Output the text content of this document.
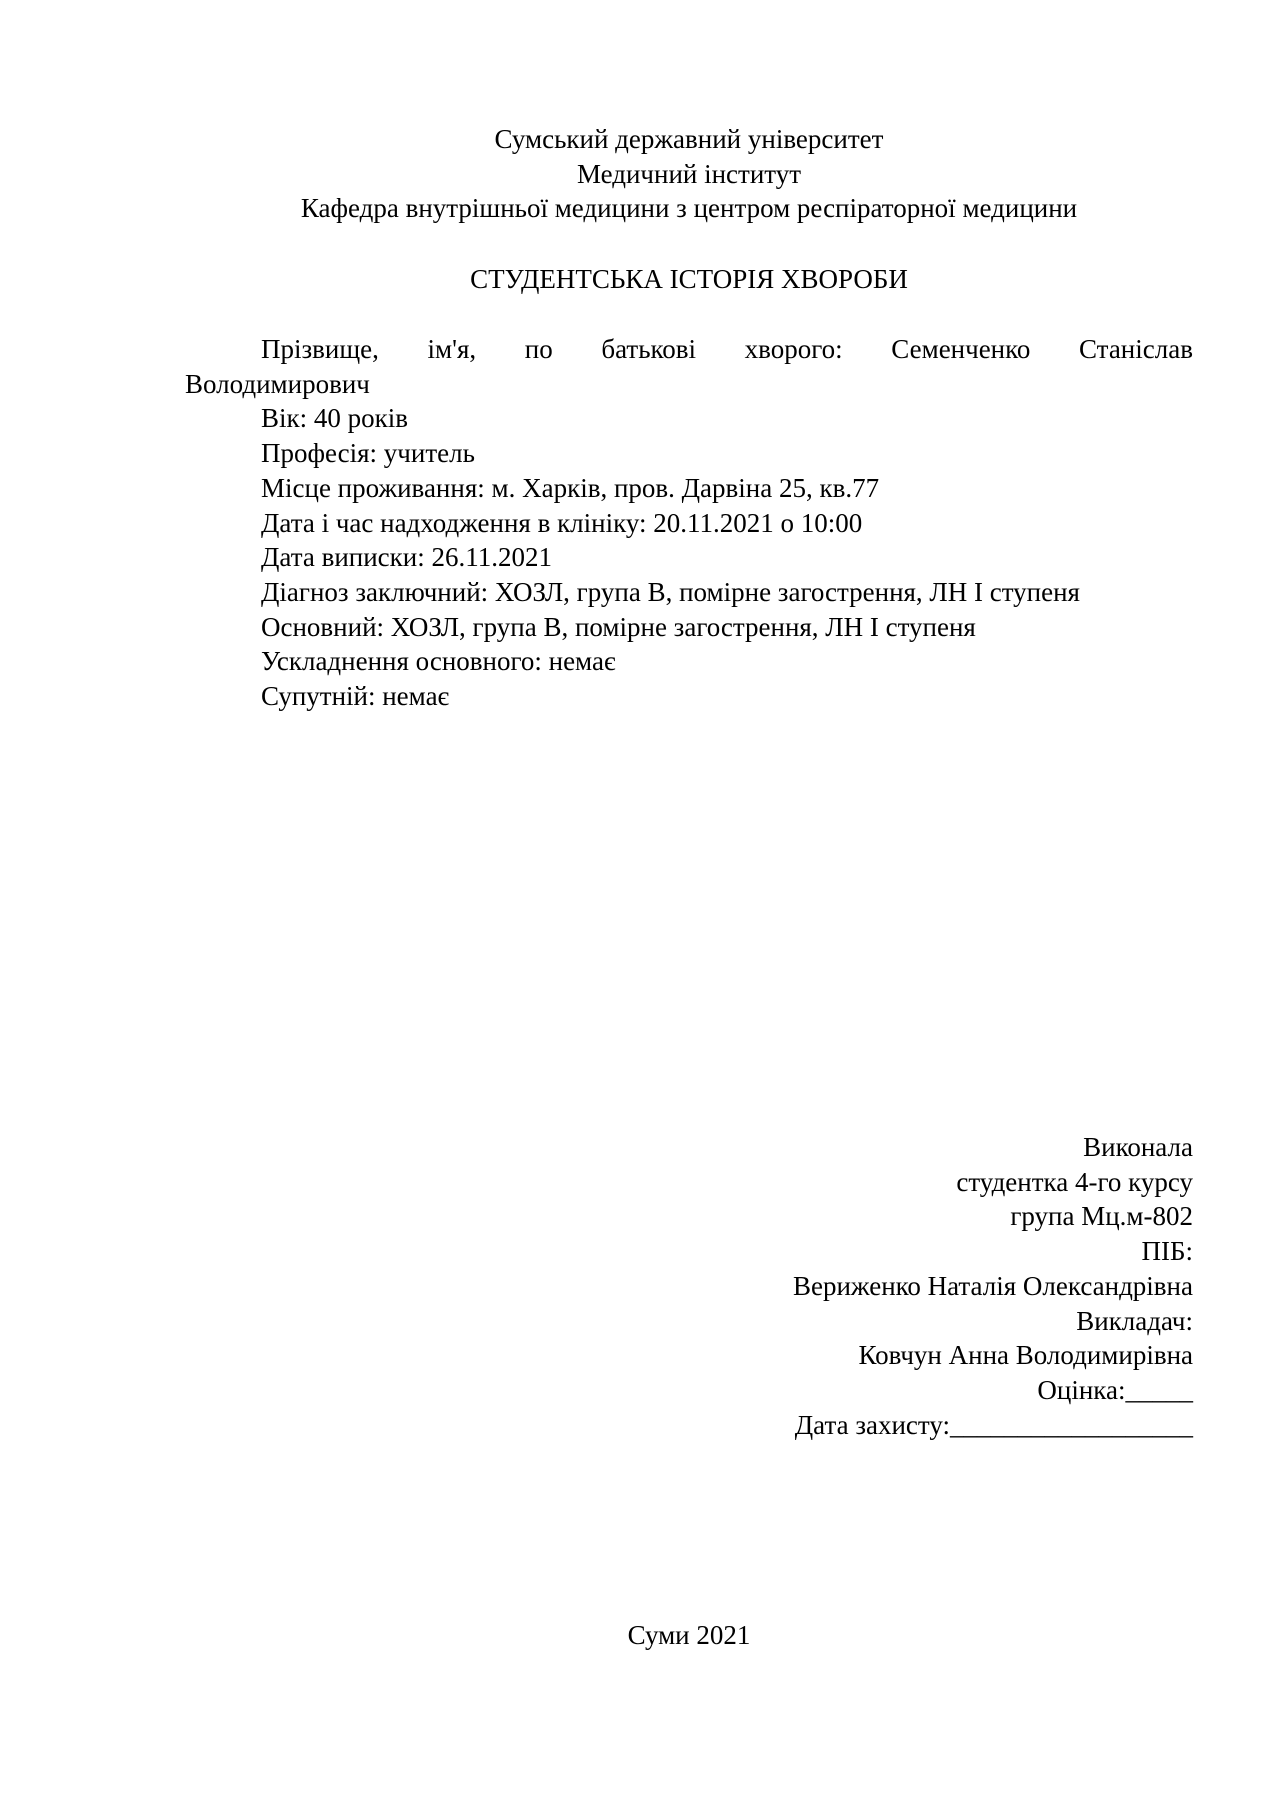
Сумський державний університет
Медичний інститут
Кафедра внутрішньої медицини з центром респіраторної медицини
СТУДЕНТСЬКА ІСТОРІЯ ХВОРОБИ
Прізвище, ім'я, по батькові хворого: Семенченко Станіслав
Володимирович
Вік: 40 років
Професія: учитель
Місце проживання: м. Харків, пров. Дарвіна 25, кв.77
Дата і час надходження в клініку: 20.11.2021 о 10:00
Дата виписки: 26.11.2021
Діагноз заключний: ХОЗЛ, група В, помірне загострення, ЛН І ступеня
Основний: ХОЗЛ, група В, помірне загострення, ЛН І ступеня
Ускладнення основного: немає
Супутній: немає
Виконала
студентка 4-го курсу
група Мц.м-802
ПІБ:
Вериженко Наталія Олександрівна
Викладач:
Ковчун Анна Володимирівна
Оцінка:_____
Дата захисту:__________________
Суми 2021
